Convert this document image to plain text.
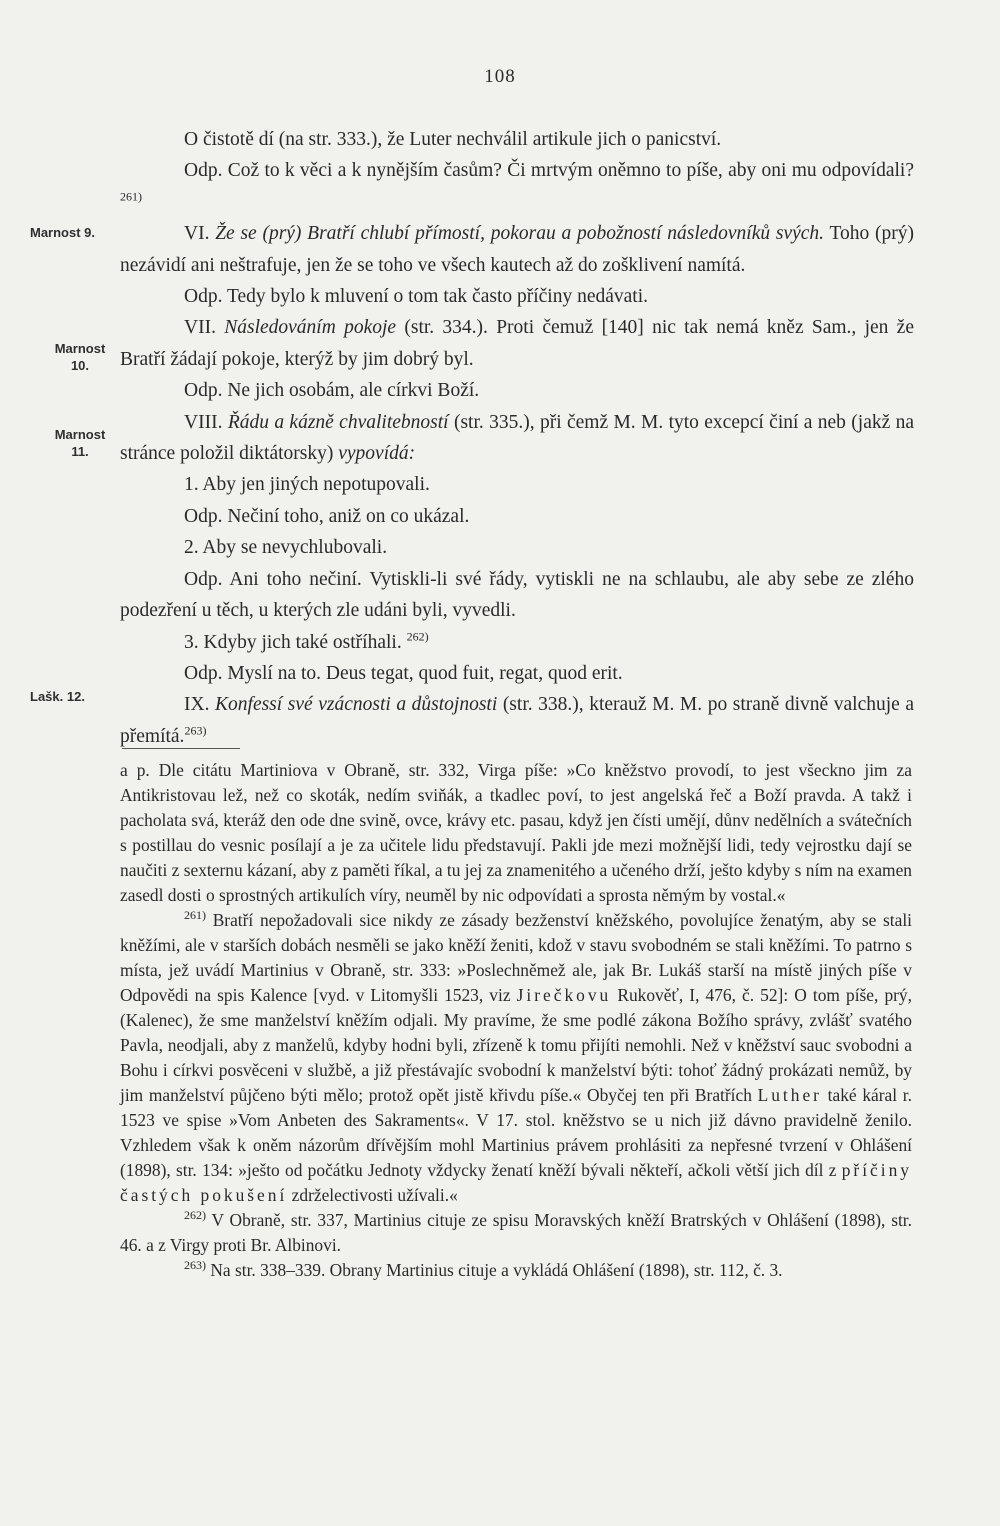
108
Marnost 9.
Marnost
10.
Marnost
11.
Lašk. 12.

O čistotě dí (na str. 333.), že Luter nechválil artikule jich o panicství.

Odp. Což to k věci a k nynějším časům? Či mrtvým oněmno to píše, aby oni mu odpovídali? $^{261)}$

VI. Že se (prý) Bratří chlubí přímostí, pokorau a pobožností následovníků svých. Toho (prý) nezávidí ani neštrafuje, jen že se toho ve všech kautech až do zošklivení namítá.

Odp. Tedy bylo k mluvení o tom tak často příčiny nedávati.

VII. Následováním pokoje (str. 334.). Proti čemuž [140] nic tak nemá kněz Sam., jen že Bratří žádají pokoje, kterýž by jim dobrý byl.

Odp. Ne jich osobám, ale církvi Boží.

VIII. Řádu a kázně chvalitebností (str. 335.), při čemž M. M. tyto excepcí činí a neb (jakž na stránce položil diktátorsky) vypovídá:

1. Aby jen jiných nepotupovali.

Odp. Nečiní toho, aniž on co ukázal.

2. Aby se nevychlubovali.

Odp. Ani toho nečiní. Vytiskli-li své řády, vytiskli ne na schlaubu, ale aby sebe ze zlého podezření u těch, u kterých zle udáni byli, vyvedli.

3. Kdyby jich také ostříhali. $^{262)}$

Odp. Myslí na to. Deus tegat, quod fuit, regat, quod erit.

IX. Konfessí své vzácnosti a důstojnosti (str. 338.), kterauž M. M. po straně divně valchuje a přemítá.$^{263)}$

a p. Dle citátu Martiniova v Obraně, str. 332, Virga píše: »Co kněžstvo provodí, to jest všeckno jim za Antikristovau lež, než co skoták, nedím sviňák, a tkadlec poví, to jest angelská řeč a Boží pravda. A takž i pacholata svá, kteráž den ode dne svině, ovce, krávy etc. pasau, když jen čísti umějí, důnv nedělních a svátečních s postillau do vesnic posílají a je za učitele lidu představují. Pakli jde mezi možnější lidi, tedy vejrostku dají se naučiti z sexternu kázaní, aby z paměti říkal, a tu jej za znamenitého a učeného drží, ješto kdyby s ním na examen zasedl dosti o sprostných artikulích víry, neuměl by nic odpovídati a sprosta němým by vostal.«

$^{261)}$ Bratří nepožadovali sice nikdy ze zásady bezženství kněžského, povolujíce ženatým, aby se stali kněžími, ale v starších dobách nesměli se jako kněží ženiti, kdož v stavu svobodném se stali kněžími. To patrno s místa, jež uvádí Martinius v Obraně, str. 333: »Poslechněmež ale, jak Br. Lukáš starší na místě jiných píše v Odpovědi na spis Kalence [vyd. v Litomyšli 1523, viz Jirečkovu Rukověť, I, 476, č. 52]: O tom píše, prý, (Kalenec), že sme manželství kněžím odjali. My pravíme, že sme podlé zákona Božího správy, zvlášť svatého Pavla, neodjali, aby z manželů, kdyby hodni byli, zřízeně k tomu přijíti nemohli. Než v kněžství sauc svobodni a Bohu i církvi posvěceni v službě, a již přestávajíc svobodní k manželství býti: tohoť žádný prokázati nemůž, by jim manželství půjčeno býti mělo; protož opět jistě křivdu píše.« Obyčej ten při Bratřích Luther také káral r. 1523 ve spise »Vom Anbeten des Sakraments«. V 17. stol. kněžstvo se u nich již dávno pravidelně ženilo. Vzhledem však k oněm názorům dřívějším mohl Martinius právem prohlásiti za nepřesné tvrzení v Ohlášení (1898), str. 134: »ješto od počátku Jednoty vždycky ženatí kněží bývali někteří, ačkoli větší jich díl z příčiny častých pokušení zdrželectivosti užívali.«

$^{262)}$ V Obraně, str. 337, Martinius cituje ze spisu Moravských kněží Bratrských v Ohlášení (1898), str. 46. a z Virgy proti Br. Albinovi.

$^{263)}$ Na str. 338–339. Obrany Martinius cituje a vykládá Ohlášení (1898), str. 112, č. 3.
